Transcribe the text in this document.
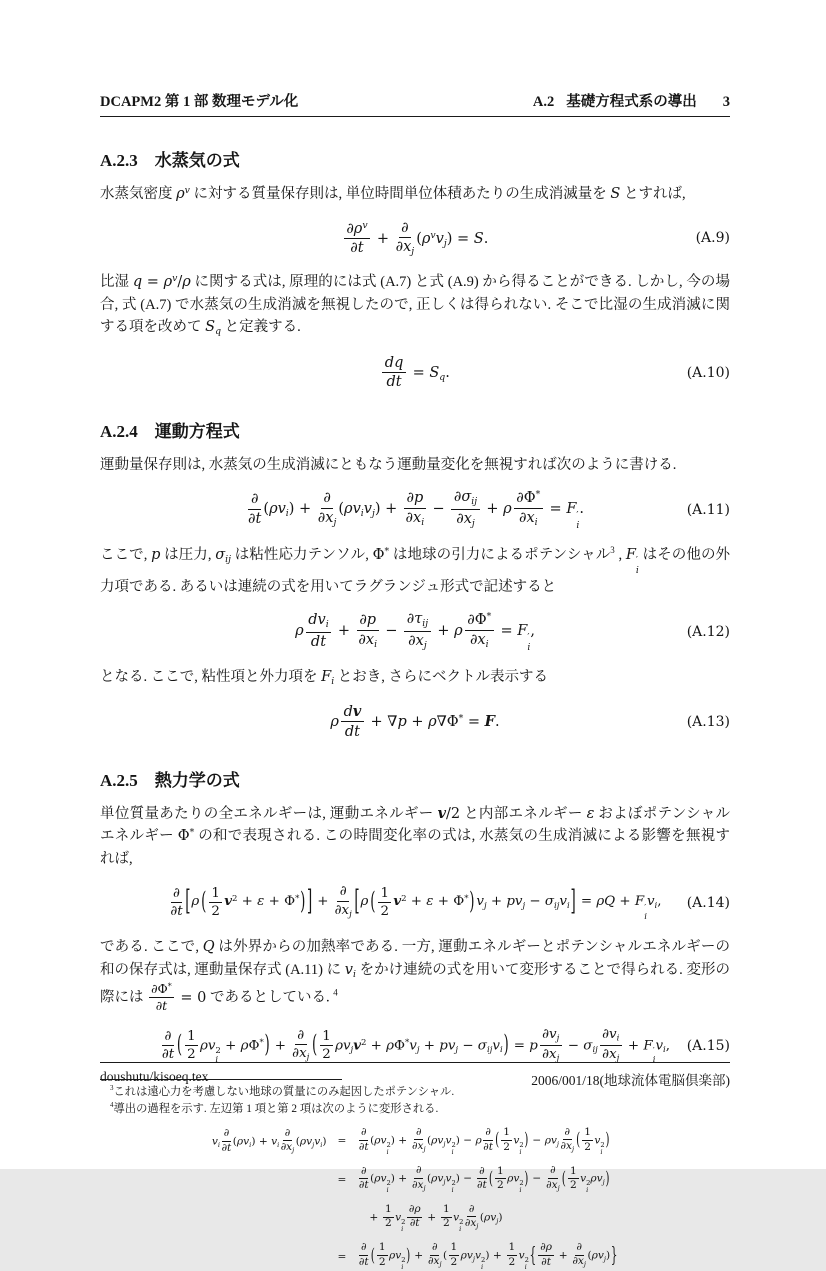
DCAPM2 第 1 部 数理モデル化	A.2 基礎方程式系の導出 3
A.2.3 水蒸気の式

水蒸気密度 $\rho^v$ に対する質量保存則は, 単位時間単位体積あたりの生成消滅量を S とすれば,

$\frac{\partial\rho^v}{\partial t} + \frac{\partial}{\partial x_j} (\rho^vv_j) = S$.	(A.9)

比湿 $q = \rho^v/\rho$ に関する式は, 原理的には式 (A.7) と式 (A.9) から得ることができる. しかし, 今の場合, 式 (A.7) で水蒸気の生成消滅を無視したので, 正しくは得られない. そこで比湿の生成消滅に関する項を改めて $S_q$ と定義する.

$\frac{dq}{dt} = S_q$.	(A.10)
A.2.4 運動方程式

運動量保存則は, 水蒸気の生成消滅にともなう運動量変化を無視すれば次のように書ける.

$\frac{\partial}{\partial t} (\rho v_i) + \frac{\partial}{\partial x_j} (\rho v_iv_j) + \frac{\partial p}{\partial x_i} - \frac{\partial\sigma_{ij}}{\partial x_j} + \rho \frac{\partial\Phi^*}{\partial x_i} = F$ ′
i
.	(A.11)

ここで, p は圧力, $\sigma_{ij}$ は粘性応力テンソル, Φ* は地球の引力によるポテンシャル$^3$ , F ′
i
はその他の外力項である. あるいは連続の式を用いてラグランジュ形式で記述すると

ρ $\frac{dv_i}{dt} + \frac{\partial p}{\partial x_i} - \frac{\partial\tau_{ij}}{\partial x_j} + \rho \frac{\partial\Phi^*}{\partial x_i} = F$ ′
i
,	(A.12)

となる. ここで, 粘性項と外力項を $F_i$ とおき, さらにベクトル表示する

ρ $\frac{dv}{dt} + \nabla p + \rho\nabla\Phi^* = F$.	(A.13)
A.2.5 熱力学の式

単位質量あたりの全エネルギーは, 運動エネルギー v/2 と内部エネルギー ε およぼポテンシャルエネルギー Φ* の和で表現される. この時間変化率の式は, 水蒸気の生成消滅による影響を無視すれば,

$\frac{\partial}{\partial t} [\rho$ ( $\frac{1}{2} v^2 + \varepsilon + \Phi^*$) ] + $\frac{\partial}{\partial x_j} [\rho$ ( $\frac{1}{2} v^2 + \varepsilon + \Phi^*$) $v_j + pv_j - \sigma_{ij}v_i] = \rho Q + F$ ′
i
$v_i$, (A.14)

である. ここで, Q は外界からの加熱率である. 一方, 運動エネルギーとポテンシャルエネルギーの和の保存式は, 運動量保存式 (A.11) に $v_i$ をかけ連続の式を用いて変形することで得られる. 変形の際には $\frac{\partial\Phi^*}{\partial t} = 0$ であるとしている. $^4$

$\frac{\partial}{\partial t}$ ( $\frac{1}{2}$ ρv 2
i
+ $\rho\Phi^*) + \frac{\partial}{\partial x_j}$ ( $\frac{1}{2} \rho v_jv^2 + \rho\Phi^*v_j + pv_j - \sigma_{ij}v_i) = p \frac{\partial v_j}{\partial x_j} - \sigma_{ij} \frac{\partial v_i}{\partial x_j} + F$ ′
i
$v_i$, (A.15)
$^3$これは遠心力を考慮しない地球の質量にのみ起因したポテンシャル.
$^4$導出の過程を示す. 左辺第 1 項と第 2 項は次のように変形される.
$v_i \frac{\partial}{\partial t} (\rho v_i) + v_i \frac{\partial}{\partial x_j} (\rho v_jv_i)$	=	$\frac{\partial}{\partial t} (\rho v$ 2
i
) + $\frac{\partial}{\partial x_j} (\rho v_jv$ 2
i
) − ρ $\frac{\partial}{\partial t}$ ( $\frac{1}{2}$ v 2
i
) − $\rho v_j \frac{\partial}{\partial x_j}$ ( $\frac{1}{2}$ v 2
i
)
=	$\frac{\partial}{\partial t} (\rho v$ 2
i
) + $\frac{\partial}{\partial x_j} (\rho v_jv$ 2
i
) − $\frac{\partial}{\partial t}$ ( $\frac{1}{2}$ ρv 2
i
) − $\frac{\partial}{\partial x_j}$ ( $\frac{1}{2}$ v 2
i
$\rho v_j$)
+ $\frac{1}{2}$ v 2
i $\frac{\partial\rho}{\partial t} + \frac{1}{2}$ v 2
i $\frac{\partial}{\partial x_j} (\rho v_j)$
=	$\frac{\partial}{\partial t}$ ( $\frac{1}{2}$ ρv 2
i
) + $\frac{\partial}{\partial x_j}$ ( $\frac{1}{2} \rho v_jv$ 2
i
) + $\frac{1}{2}$ v 2
i
{ $\frac{\partial\rho}{\partial t} + \frac{\partial}{\partial x_j} (\rho v_j)$}
doushutu/kisoeq.tex	2006/001/18(地球流体電脳倶楽部)
